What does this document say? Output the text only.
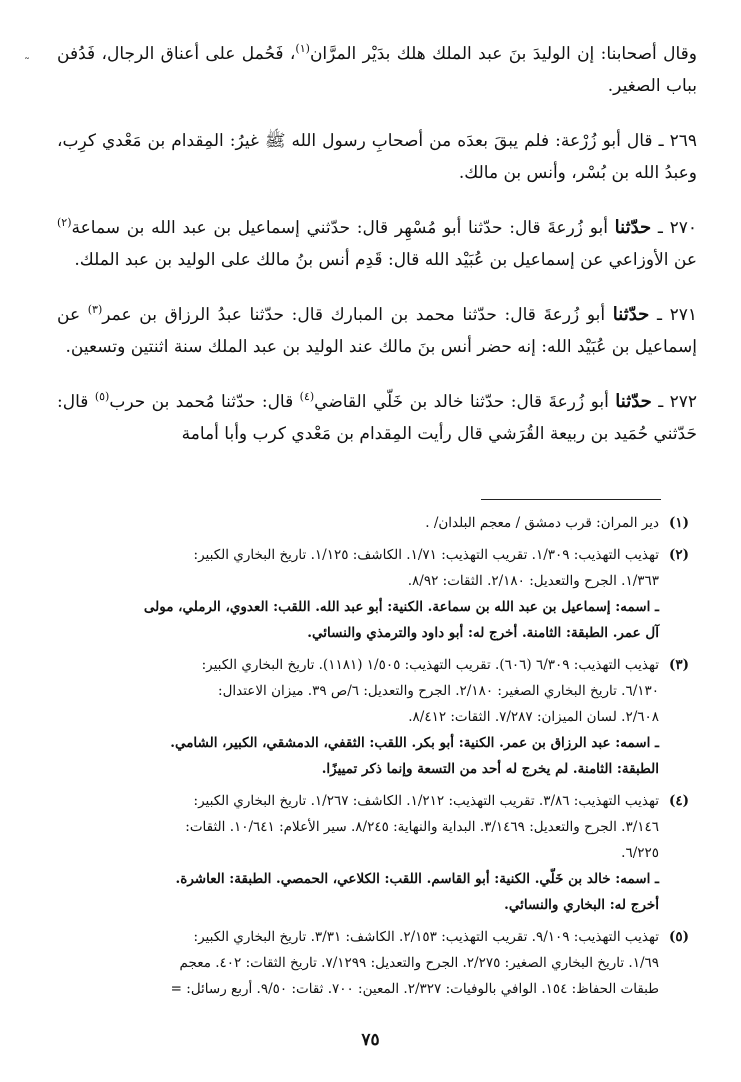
˜	وقال أصحابنا: إن الوليدَ بنَ عبد الملك هلك بدَيْر المرَّان$^{(١)}$، فَحُمل على أعناق الرجال، فَدُفن بباب الصغير.

٢٦٩ ـ قال أبو زُرْعة: فلم يبقَ بعدَه من أصحابِ رسول الله ﷺ غيرُ: المِقدام بن مَعْدي كرِب، وعبدُ الله بن بُسْر، وأنس بن مالك.

٢٧٠ ـ حدّثنا أبو زُرعةَ قال: حدّثنا أبو مُسْهِر قال: حدّثني إسماعيل بن عبد الله بن سماعة$^{(٢)}$ عن الأوزاعي عن إسماعيل بن عُبَيْد الله قال: قَدِم أنس بنُ مالك على الوليد بن عبد الملك.

٢٧١ ـ حدّثنا أبو زُرعةَ قال: حدّثنا محمد بن المبارك قال: حدّثنا عبدُ الرزاق بن عمر$^{(٣)}$ عن إسماعيل بن عُبَيْد الله: إنه حضر أنس بنَ مالك عند الوليد بن عبد الملك سنة اثنتين وتسعين.

٢٧٢ ـ حدّثنا أبو زُرعةَ قال: حدّثنا خالد بن خَلّي القاضي$^{(٤)}$ قال: حدّثنا مُحمد بن حرب$^{(٥)}$ قال: حَدّثني حُمَيد بن ربيعة القُرَشي قال رأيت المِقدام بن مَعْدي كرب وأبا أمامة

(١)دير المران: قرب دمشق / معجم البلدان/ .

(٢)تهذيب التهذيب: ١/٣٠٩. تقريب التهذيب: ١/٧١. الكاشف: ١/١٢٥. تاريخ البخاري الكبير:

١/٣٦٣. الجرح والتعديل: ٢/١٨٠. الثقات: ٨/٩٢.

ـ اسمه: إسماعيل بن عبد الله بن سماعة. الكنية: أبو عبد الله. اللقب: العدوي، الرملي، مولى

آل عمر. الطبقة: الثامنة. أخرج له: أبو داود والترمذي والنسائي.

(٣)تهذيب التهذيب: ٦/٣٠٩ (٦٠٦). تقريب التهذيب: ١/٥٠٥ (١١٨١). تاريخ البخاري الكبير:

٦/١٣٠. تاريخ البخاري الصغير: ٢/١٨٠. الجرح والتعديل: ٦/ص ٣٩. ميزان الاعتدال:

٢/٦٠٨. لسان الميزان: ٧/٢٨٧. الثقات: ٨/٤١٢.

ـ اسمه: عبد الرزاق بن عمر. الكنية: أبو بكر. اللقب: الثقفي، الدمشقي، الكبير، الشامي.

الطبقة: الثامنة. لم يخرج له أحد من التسعة وإنما ذكر تمييزًا.

(٤)تهذيب التهذيب: ٣/٨٦. تقريب التهذيب: ١/٢١٢. الكاشف: ١/٢٦٧. تاريخ البخاري الكبير:

٣/١٤٦. الجرح والتعديل: ٣/١٤٦٩. البداية والنهاية: ٨/٢٤٥. سير الأعلام: ١٠/٦٤١. الثقات:

٦/٢٢٥.

ـ اسمه: خالد بن خَلّي. الكنية: أبو القاسم. اللقب: الكلاعي، الحمصي. الطبقة: العاشرة.

أخرج له: البخاري والنسائي.

(٥)تهذيب التهذيب: ٩/١٠٩. تقريب التهذيب: ٢/١٥٣. الكاشف: ٣/٣١. تاريخ البخاري الكبير:

١/٦٩. تاريخ البخاري الصغير: ٢/٢٧٥. الجرح والتعديل: ٧/١٢٩٩. تاريخ الثقات: ٤٠٢. معجم

طبقات الحفاظ: ١٥٤. الوافي بالوفيات: ٢/٣٢٧. المعين: ٧٠٠. ثقات: ٩/٥٠. أربع رسائل: =

٧٥
